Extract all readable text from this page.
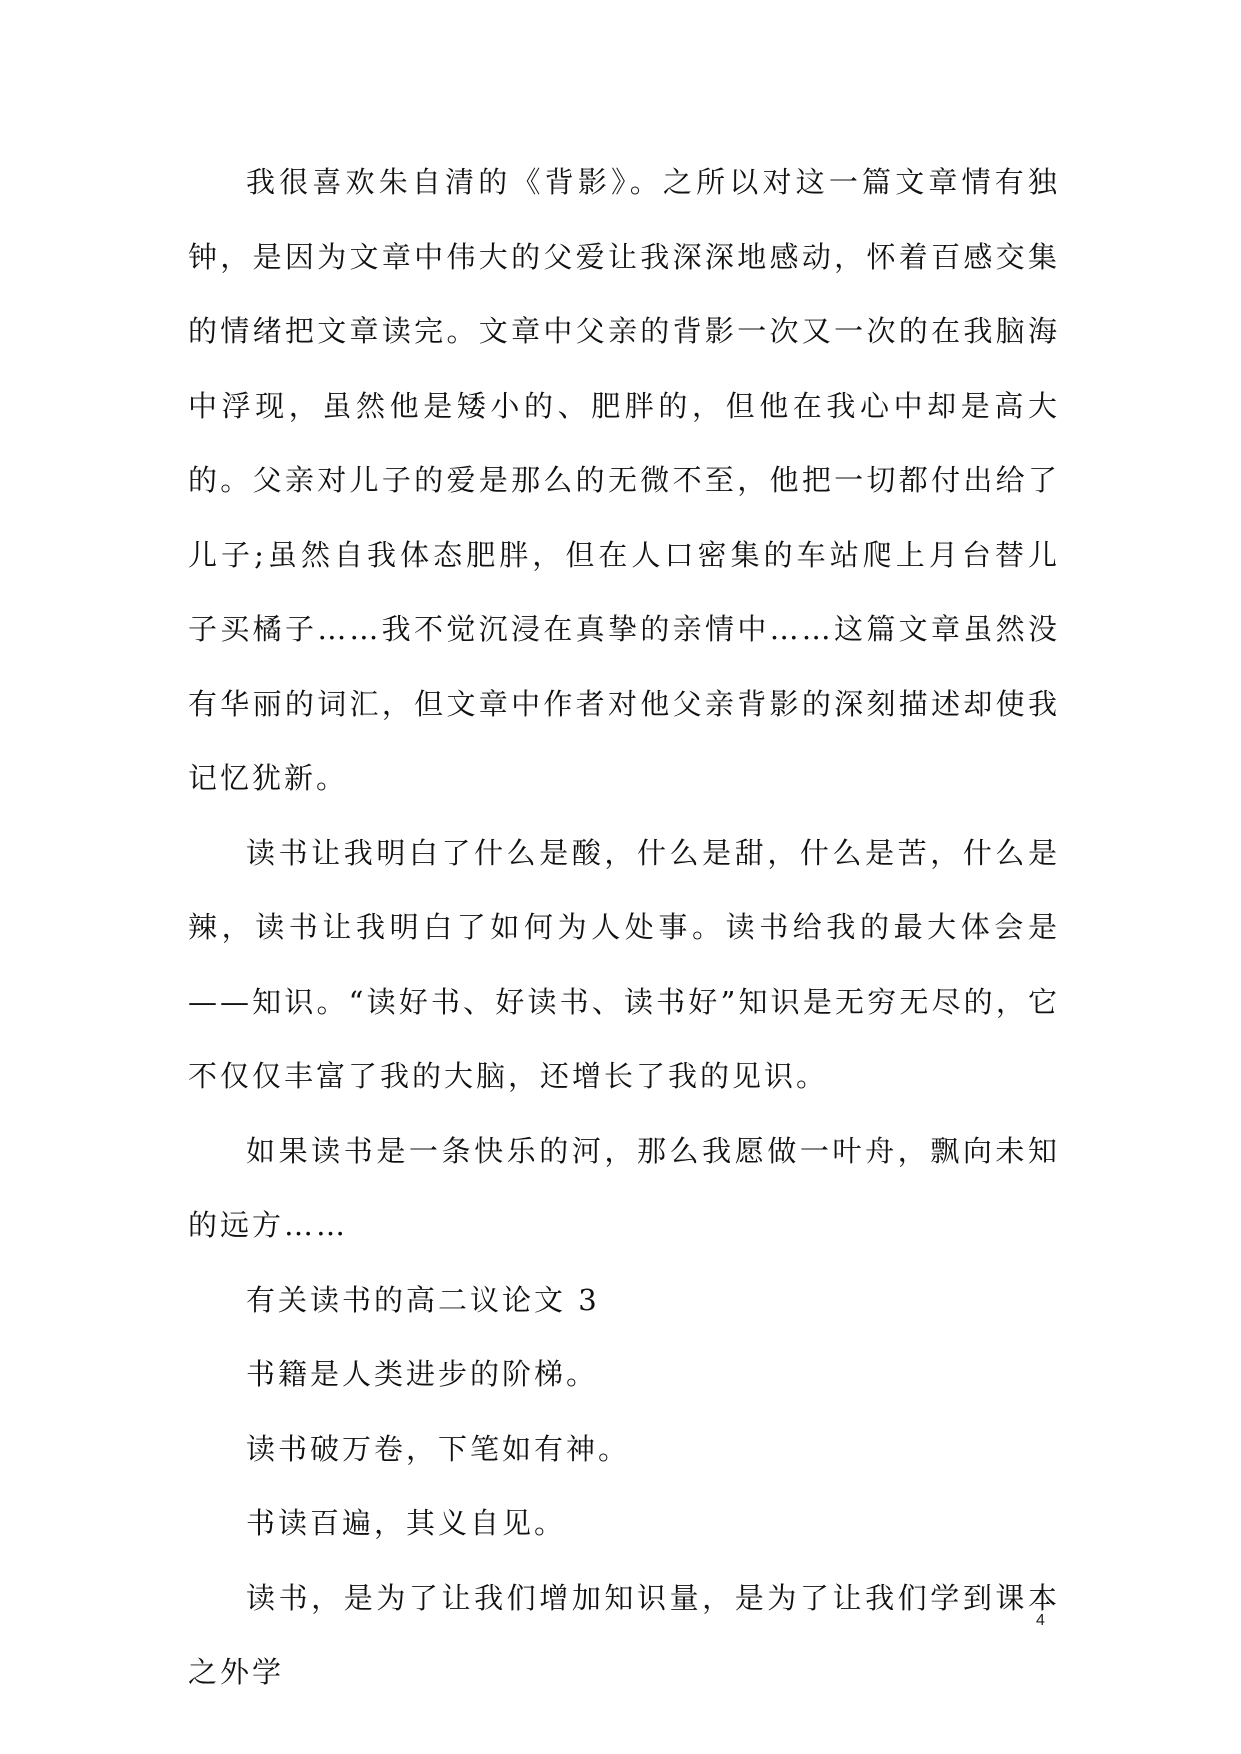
我很喜欢朱自清的《背影》。之所以对这一篇文章情有独钟，是因为文章中伟大的父爱让我深深地感动，怀着百感交集的情绪把文章读完。文章中父亲的背影一次又一次的在我脑海中浮现，虽然他是矮小的、肥胖的，但他在我心中却是高大的。父亲对儿子的爱是那么的无微不至，他把一切都付出给了儿子;虽然自我体态肥胖，但在人口密集的车站爬上月台替儿子买橘子……我不觉沉浸在真挚的亲情中……这篇文章虽然没有华丽的词汇，但文章中作者对他父亲背影的深刻描述却使我记忆犹新。

读书让我明白了什么是酸，什么是甜，什么是苦，什么是辣，读书让我明白了如何为人处事。读书给我的最大体会是——知识。“读好书、好读书、读书好”知识是无穷无尽的，它不仅仅丰富了我的大脑，还增长了我的见识。

如果读书是一条快乐的河，那么我愿做一叶舟，飘向未知的远方……

有关读书的高二议论文 3

书籍是人类进步的阶梯。

读书破万卷，下笔如有神。

书读百遍，其义自见。

读书，是为了让我们增加知识量，是为了让我们学到课本之外学

4
